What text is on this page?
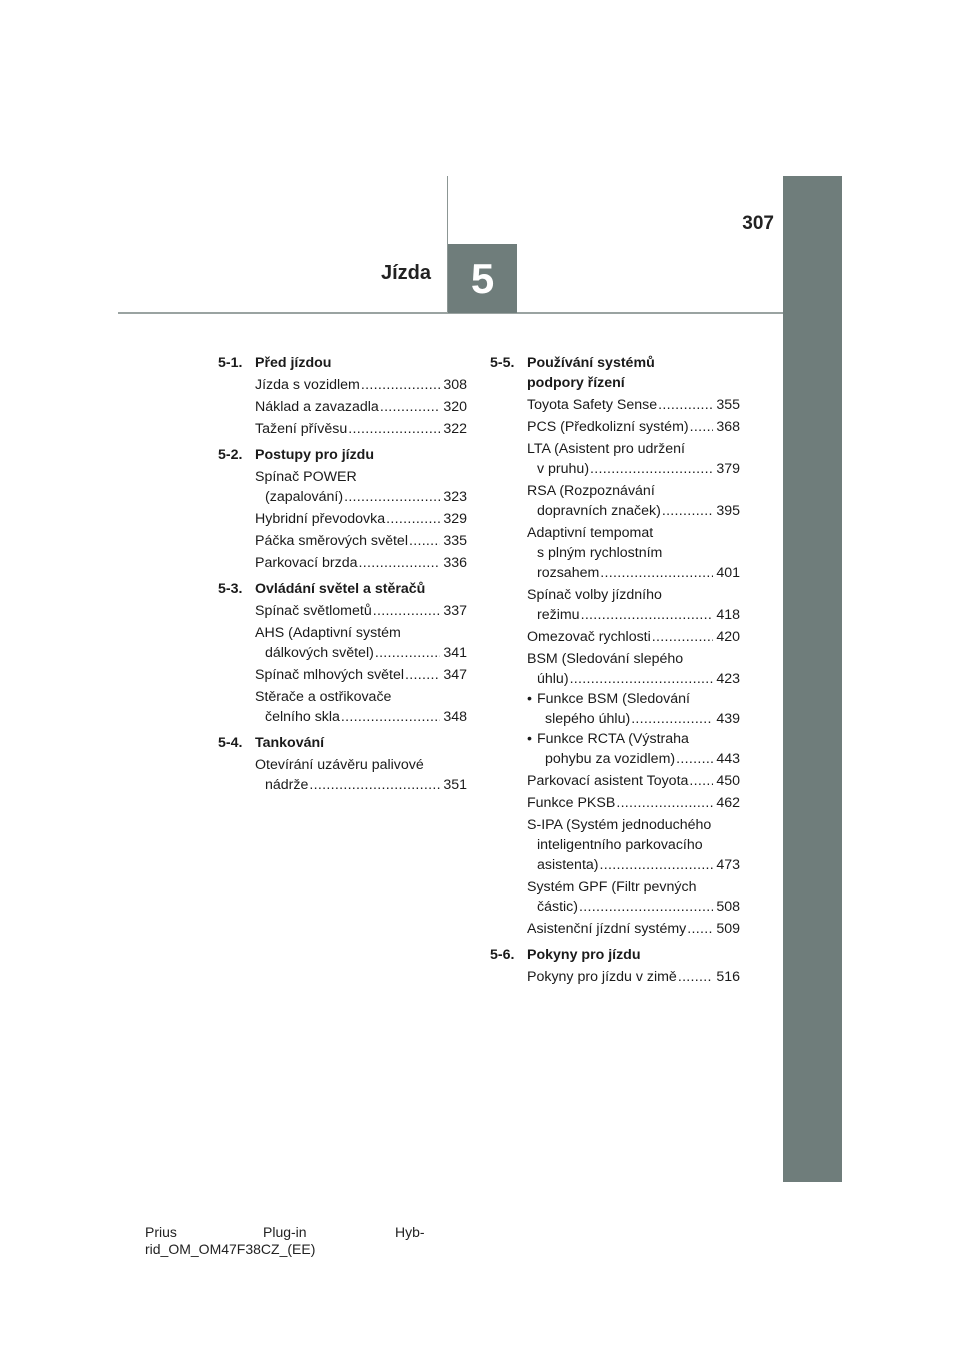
5
Jízda
307
5-1. Před jízdou
Jízda s vozidlem .....	308
Náklad a zavazadla .....	320
Tažení přívěsu .....	322
5-2. Postupy pro jízdu
Spínač POWER
(zapalování) .....	323
Hybridní převodovka .....	329
Páčka směrových světel ..... 335
Parkovací brzda .....	336
5-3. Ovládání světel a stěračů
Spínač světlometů .....	337
AHS (Adaptivní systém
dálkových světel) .....	341
Spínač mlhových světel .....	347
Stěrače a ostřikovače
čelního skla .....	348
5-4. Tankování
Otevírání uzávěru palivové
nádrže .....	351
5-5. Používání systémů
podpory řízení
Toyota Safety Sense .....	355
PCS (Předkolizní systém) ..... 368
LTA (Asistent pro udržení
v pruhu) .....	379
RSA (Rozpoznávání
dopravních značek) .....	395
Adaptivní tempomat
s plným rychlostním
rozsahem .....	401
Spínač volby jízdního
režimu .....	418
Omezovač rychlosti .....	420
BSM (Sledování slepého
úhlu) .....	423
• Funkce BSM (Sledování
slepého úhlu) .....	439
• Funkce RCTA (Výstraha
pohybu za vozidlem) .....	443
Parkovací asistent Toyota ..... 450
Funkce PKSB .....	462
S-IPA (Systém jednoduchého
inteligentního parkovacího
asistenta) .....	473
Systém GPF (Filtr pevných
částic) .....	508
Asistenční jízdní systémy ..... 509
5-6. Pokyny pro jízdu
Pokyny pro jízdu v zimě .....	516
Prius	Plug-in	Hyb-
rid_OM_OM47F38CZ_(EE)
